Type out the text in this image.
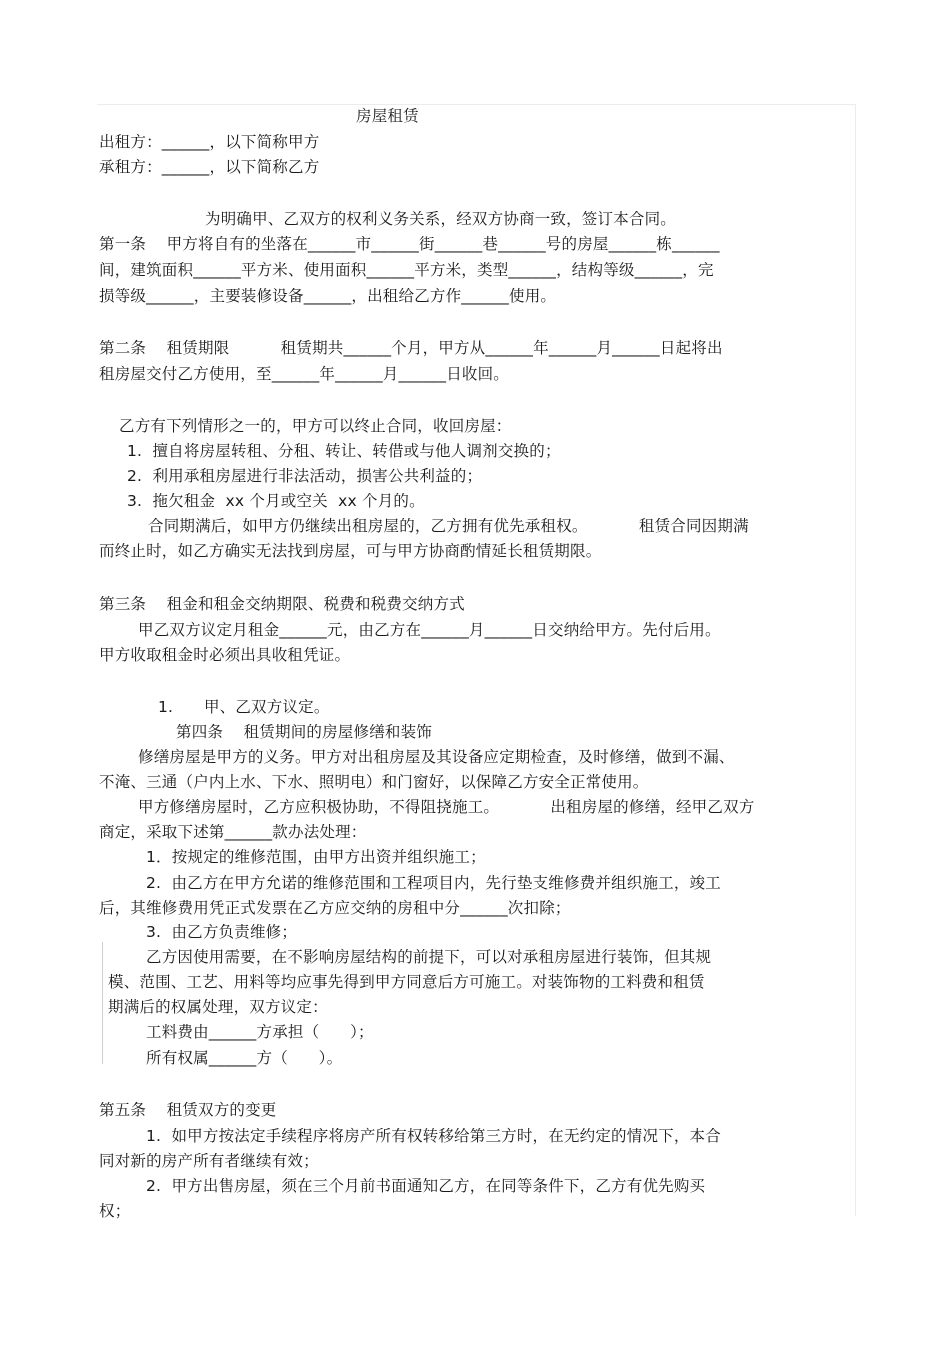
房屋租赁
出租方：______，以下简称甲方
承租方：______，以下简称乙方
为明确甲、乙双方的权利义务关系，经双方协商一致，签订本合同。
第一条    甲方将自有的坐落在______市______街______巷______号的房屋______栋______
间，建筑面积______平方米、使用面积______平方米，类型______，结构等级______，完
损等级______，主要装修设备______，出租给乙方作______使用。
第二条    租赁期限          租赁期共______个月，甲方从______年______月______日起将出
租房屋交付乙方使用，至______年______月______日收回。
乙方有下列情形之一的，甲方可以终止合同，收回房屋：
1.  擅自将房屋转租、分租、转让、转借或与他人调剂交换的；
2.  利用承租房屋进行非法活动，损害公共利益的；
3.  拖欠租金  xx 个月或空关  xx 个月的。
合同期满后，如甲方仍继续出租房屋的，乙方拥有优先承租权。          租赁合同因期满
而终止时，如乙方确实无法找到房屋，可与甲方协商酌情延长租赁期限。
第三条    租金和租金交纳期限、税费和税费交纳方式
甲乙双方议定月租金______元，由乙方在______月______日交纳给甲方。先付后用。
甲方收取租金时必须出具收租凭证。
1.      甲、乙双方议定。
第四条    租赁期间的房屋修缮和装饰
修缮房屋是甲方的义务。甲方对出租房屋及其设备应定期检查，及时修缮，做到不漏、
不淹、三通（户内上水、下水、照明电）和门窗好，以保障乙方安全正常使用。
甲方修缮房屋时，乙方应积极协助，不得阻挠施工。          出租房屋的修缮，经甲乙双方
商定，采取下述第______款办法处理：
1．按规定的维修范围，由甲方出资并组织施工；
2.  由乙方在甲方允诺的维修范围和工程项目内，先行垫支维修费并组织施工，竣工
后，其维修费用凭正式发票在乙方应交纳的房租中分______次扣除；
3.  由乙方负责维修；
乙方因使用需要，在不影响房屋结构的前提下，可以对承租房屋进行装饰，但其规
模、范围、工艺、用料等均应事先得到甲方同意后方可施工。对装饰物的工料费和租赁
期满后的权属处理，双方议定：
工料费由______方承担（      ）；
所有权属______方（      ）。
第五条    租赁双方的变更
1.  如甲方按法定手续程序将房产所有权转移给第三方时，在无约定的情况下，本合
同对新的房产所有者继续有效；
2.  甲方出售房屋，须在三个月前书面通知乙方，在同等条件下，乙方有优先购买
权；
